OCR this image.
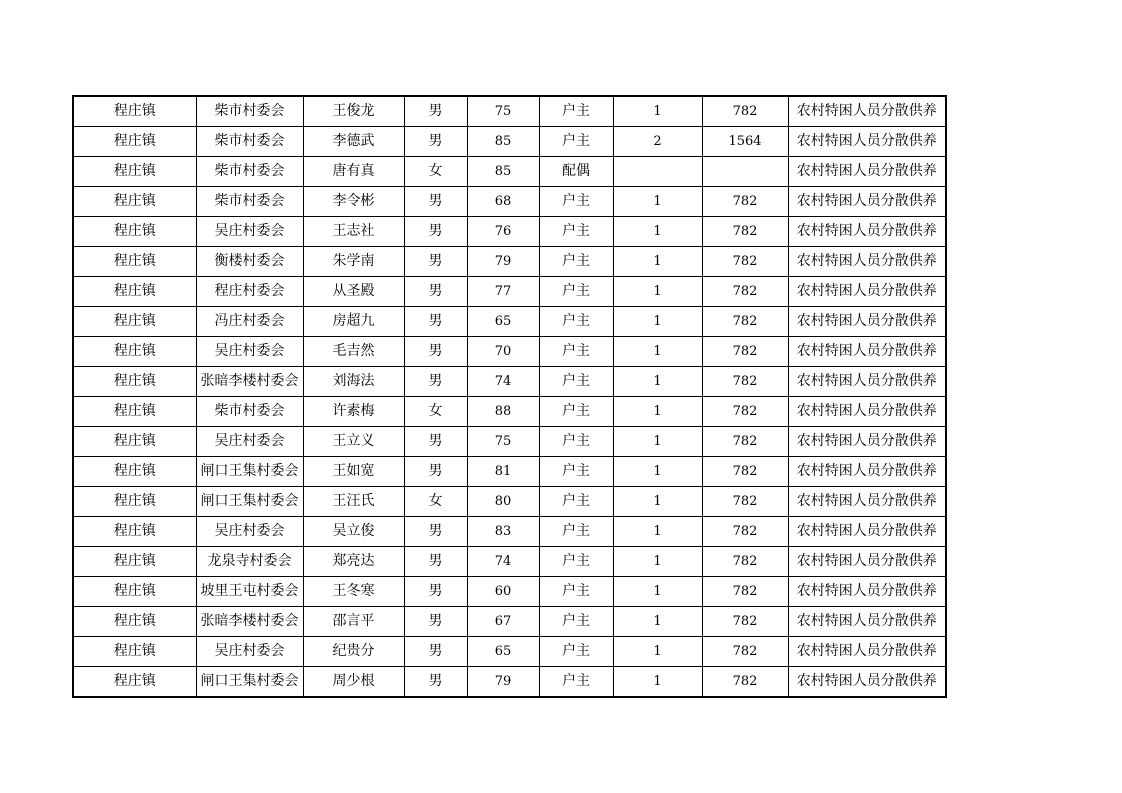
程庄镇	柴市村委会	王俊龙	男	75	户主	1	782	农村特困人员分散供养
程庄镇	柴市村委会	李德武	男	85	户主	2	1564	农村特困人员分散供养
程庄镇	柴市村委会	唐有真	女	85	配偶			农村特困人员分散供养
程庄镇	柴市村委会	李令彬	男	68	户主	1	782	农村特困人员分散供养
程庄镇	吴庄村委会	王志社	男	76	户主	1	782	农村特困人员分散供养
程庄镇	衡楼村委会	朱学南	男	79	户主	1	782	农村特困人员分散供养
程庄镇	程庄村委会	从圣殿	男	77	户主	1	782	农村特困人员分散供养
程庄镇	冯庄村委会	房超九	男	65	户主	1	782	农村特困人员分散供养
程庄镇	吴庄村委会	毛吉然	男	70	户主	1	782	农村特困人员分散供养
程庄镇	张暗李楼村委会	刘海法	男	74	户主	1	782	农村特困人员分散供养
程庄镇	柴市村委会	许素梅	女	88	户主	1	782	农村特困人员分散供养
程庄镇	吴庄村委会	王立义	男	75	户主	1	782	农村特困人员分散供养
程庄镇	闸口王集村委会	王如宽	男	81	户主	1	782	农村特困人员分散供养
程庄镇	闸口王集村委会	王汪氏	女	80	户主	1	782	农村特困人员分散供养
程庄镇	吴庄村委会	吴立俊	男	83	户主	1	782	农村特困人员分散供养
程庄镇	龙泉寺村委会	郑亮达	男	74	户主	1	782	农村特困人员分散供养
程庄镇	坡里王屯村委会	王冬寒	男	60	户主	1	782	农村特困人员分散供养
程庄镇	张暗李楼村委会	邵言平	男	67	户主	1	782	农村特困人员分散供养
程庄镇	吴庄村委会	纪贵分	男	65	户主	1	782	农村特困人员分散供养
程庄镇	闸口王集村委会	周少根	男	79	户主	1	782	农村特困人员分散供养
